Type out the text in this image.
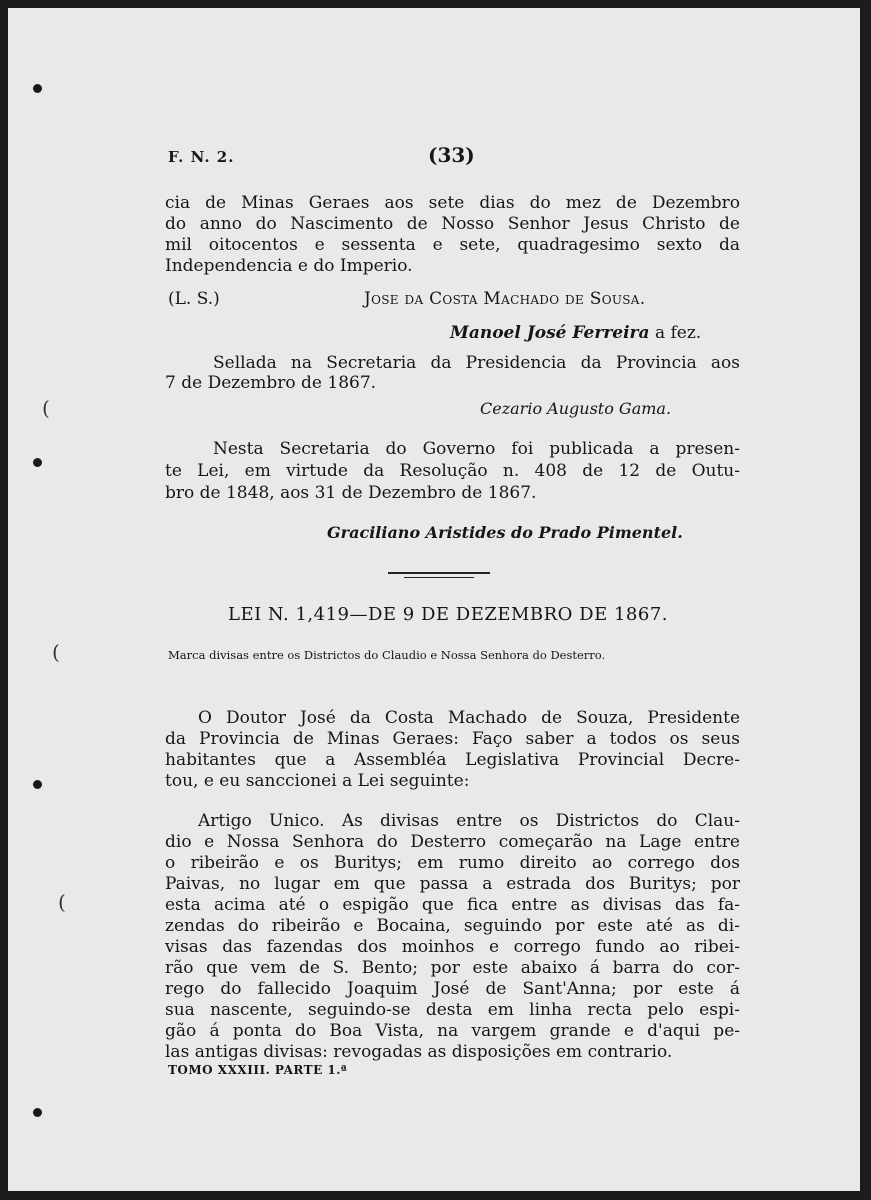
(
(
(
F. N. 2.	(33)
cia de Minas Geraes aos sete dias do mez de Dezembro
do anno do Nascimento de Nosso Senhor Jesus Christo de
mil oitocentos e sessenta e sete, quadragesimo sexto da
Independencia e do Imperio.
(L. S.)	Jose da Costa Machado de Sousa.
Manoel José Ferreira a fez.
Sellada na Secretaria da Presidencia da Provincia aos
7 de Dezembro de 1867.
Cezario Augusto Gama.
Nesta Secretaria do Governo foi publicada a presen-
te Lei, em virtude da Resolução n. 408 de 12 de Outu-
bro de 1848, aos 31 de Dezembro de 1867.
Graciliano Aristides do Prado Pimentel.
LEI N. 1,419—DE 9 DE DEZEMBRO DE 1867.
Marca divisas entre os Districtos do Claudio e Nossa Senhora do Desterro.
O Doutor José da Costa Machado de Souza, Presidente
da Provincia de Minas Geraes: Faço saber a todos os seus
habitantes que a Assembléa Legislativa Provincial Decre-
tou, e eu sanccionei a Lei seguinte:
Artigo Unico. As divisas entre os Districtos do Clau-
dio e Nossa Senhora do Desterro começarão na Lage entre
o ribeirão e os Buritys; em rumo direito ao corrego dos
Paivas, no lugar em que passa a estrada dos Buritys; por
esta acima até o espigão que fica entre as divisas das fa-
zendas do ribeirão e Bocaina, seguindo por este até as di-
visas das fazendas dos moinhos e corrego fundo ao ribei-
rão que vem de S. Bento; por este abaixo á barra do cor-
rego do fallecido Joaquim José de Sant'Anna; por este á
sua nascente, seguindo-se desta em linha recta pelo espi-
gão á ponta do Boa Vista, na vargem grande e d'aqui pe-
las antigas divisas: revogadas as disposições em contrario.
TOMO XXXIII. PARTE 1.ª
